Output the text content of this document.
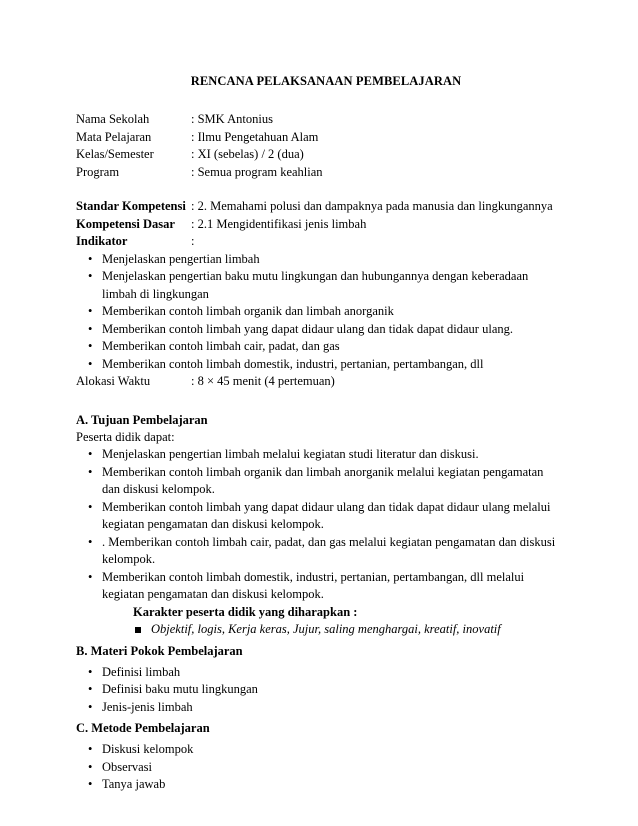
RENCANA PELAKSANAAN PEMBELAJARAN
Nama Sekolah	: SMK Antonius
Mata Pelajaran	: Ilmu Pengetahuan Alam
Kelas/Semester	: XI (sebelas) / 2 (dua)
Program	: Semua program keahlian
Standar Kompetensi : 2. Memahami polusi dan dampaknya pada manusia dan lingkungannya
Kompetensi Dasar	: 2.1 Mengidentifikasi jenis limbah
Indikator	:
• Menjelaskan pengertian limbah
• Menjelaskan pengertian baku mutu lingkungan dan hubungannya dengan keberadaan limbah di lingkungan
• Memberikan contoh limbah organik dan limbah anorganik
• Memberikan contoh limbah yang dapat didaur ulang dan tidak dapat didaur ulang.
• Memberikan contoh limbah cair, padat, dan gas
• Memberikan contoh limbah domestik, industri, pertanian, pertambangan, dll
Alokasi Waktu	: 8 × 45 menit (4 pertemuan)
A. Tujuan Pembelajaran
Peserta didik dapat:
• Menjelaskan pengertian limbah melalui kegiatan studi literatur dan diskusi.
• Memberikan contoh limbah organik dan limbah anorganik melalui kegiatan pengamatan dan diskusi kelompok.
• Memberikan contoh limbah yang dapat didaur ulang dan tidak dapat didaur ulang melalui kegiatan pengamatan dan diskusi kelompok.
• . Memberikan contoh limbah cair, padat, dan gas melalui kegiatan pengamatan dan diskusi kelompok.
• Memberikan contoh limbah domestik, industri, pertanian, pertambangan, dll melalui kegiatan pengamatan dan diskusi kelompok.
Karakter peserta didik yang diharapkan :
Objektif, logis, Kerja keras, Jujur, saling menghargai, kreatif, inovatif
B. Materi Pokok Pembelajaran
• Definisi limbah
• Definisi baku mutu lingkungan
• Jenis-jenis limbah
C. Metode Pembelajaran
• Diskusi kelompok
• Observasi
• Tanya jawab
